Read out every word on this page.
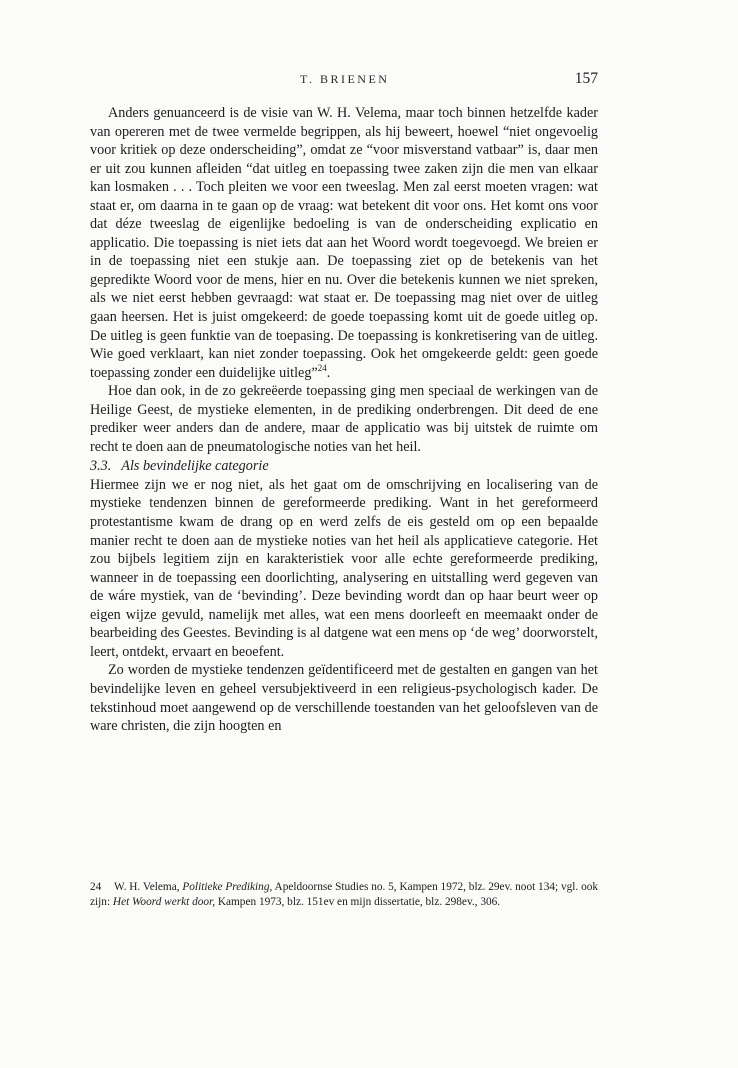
T. BRIENEN	157

Anders genuanceerd is de visie van W. H. Velema, maar toch binnen hetzelfde kader van opereren met de twee vermelde begrippen, als hij beweert, hoewel “niet ongevoelig voor kritiek op deze onderscheiding”, omdat ze “voor misverstand vatbaar” is, daar men er uit zou kunnen afleiden “dat uitleg en toepassing twee zaken zijn die men van elkaar kan losmaken . . . Toch pleiten we voor een tweeslag. Men zal eerst moeten vragen: wat staat er, om daarna in te gaan op de vraag: wat betekent dit voor ons. Het komt ons voor dat déze tweeslag de eigenlijke bedoeling is van de onderscheiding explicatio en applicatio. Die toepassing is niet iets dat aan het Woord wordt toegevoegd. We breien er in de toepassing niet een stukje aan. De toepassing ziet op de betekenis van het gepredikte Woord voor de mens, hier en nu. Over die betekenis kunnen we niet spreken, als we niet eerst hebben gevraagd: wat staat er. De toepassing mag niet over de uitleg gaan heersen. Het is juist omgekeerd: de goede toepassing komt uit de goede uitleg op. De uitleg is geen funktie van de toepasing. De toepassing is konkretisering van de uitleg. Wie goed verklaart, kan niet zonder toepassing. Ook het omgekeerde geldt: geen goede toepassing zonder een duidelijke uitleg”$^{24}$.

Hoe dan ook, in de zo gekreëerde toepassing ging men speciaal de werkingen van de Heilige Geest, de mystieke elementen, in de prediking onderbrengen. Dit deed de ene prediker weer anders dan de andere, maar de applicatio was bij uitstek de ruimte om recht te doen aan de pneumatologische noties van het heil.

3.3. Als bevindelijke categorie

Hiermee zijn we er nog niet, als het gaat om de omschrijving en localisering van de mystieke tendenzen binnen de gereformeerde prediking. Want in het gereformeerd protestantisme kwam de drang op en werd zelfs de eis gesteld om op een bepaalde manier recht te doen aan de mystieke noties van het heil als applicatieve categorie. Het zou bijbels legitiem zijn en karakteristiek voor alle echte gereformeerde prediking, wanneer in de toepassing een doorlichting, analysering en uitstalling werd gegeven van de wáre mystiek, van de ‘bevinding’. Deze bevinding wordt dan op haar beurt weer op eigen wijze gevuld, namelijk met alles, wat een mens doorleeft en meemaakt onder de bearbeiding des Geestes. Bevinding is al datgene wat een mens op ‘de weg’ doorworstelt, leert, ontdekt, ervaart en beoefent.

Zo worden de mystieke tendenzen geïdentificeerd met de gestalten en gangen van het bevindelijke leven en geheel versubjektiveerd in een religieus-psychologisch kader. De tekstinhoud moet aangewend op de verschillende toestanden van het geloofsleven van de ware christen, die zijn hoogten en

24 W. H. Velema, Politieke Prediking, Apeldoornse Studies no. 5, Kampen 1972, blz. 29ev. noot 134; vgl. ook zijn: Het Woord werkt door, Kampen 1973, blz. 151ev en mijn dissertatie, blz. 298ev., 306.
